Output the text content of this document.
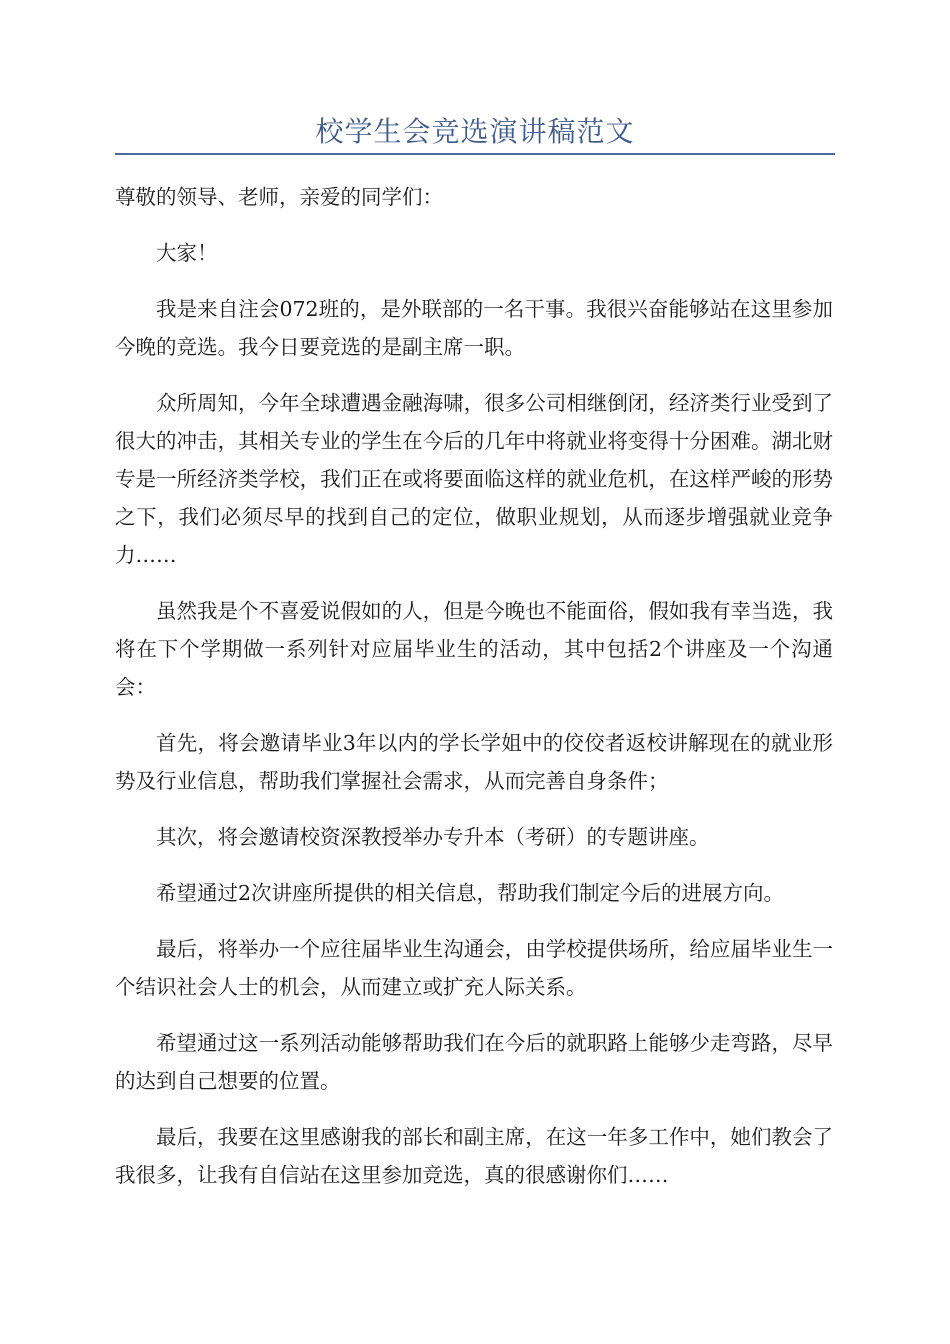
校学生会竞选演讲稿范文

尊敬的领导、老师，亲爱的同学们：

大家！

我是来自注会072班的，是外联部的一名干事。我很兴奋能够站在这里参加今晚的竞选。我今日要竞选的是副主席一职。

众所周知，今年全球遭遇金融海啸，很多公司相继倒闭，经济类行业受到了很大的冲击，其相关专业的学生在今后的几年中将就业将变得十分困难。湖北财专是一所经济类学校，我们正在或将要面临这样的就业危机，在这样严峻的形势之下，我们必须尽早的找到自己的定位，做职业规划，从而逐步增强就业竞争力……

虽然我是个不喜爱说假如的人，但是今晚也不能面俗，假如我有幸当选，我将在下个学期做一系列针对应届毕业生的活动，其中包括2个讲座及一个沟通会：

首先，将会邀请毕业3年以内的学长学姐中的佼佼者返校讲解现在的就业形势及行业信息，帮助我们掌握社会需求，从而完善自身条件；

其次，将会邀请校资深教授举办专升本（考研）的专题讲座。

希望通过2次讲座所提供的相关信息，帮助我们制定今后的进展方向。

最后，将举办一个应往届毕业生沟通会，由学校提供场所，给应届毕业生一个结识社会人士的机会，从而建立或扩充人际关系。

希望通过这一系列活动能够帮助我们在今后的就职路上能够少走弯路，尽早的达到自己想要的位置。

最后，我要在这里感谢我的部长和副主席，在这一年多工作中，她们教会了我很多，让我有自信站在这里参加竞选，真的很感谢你们……
